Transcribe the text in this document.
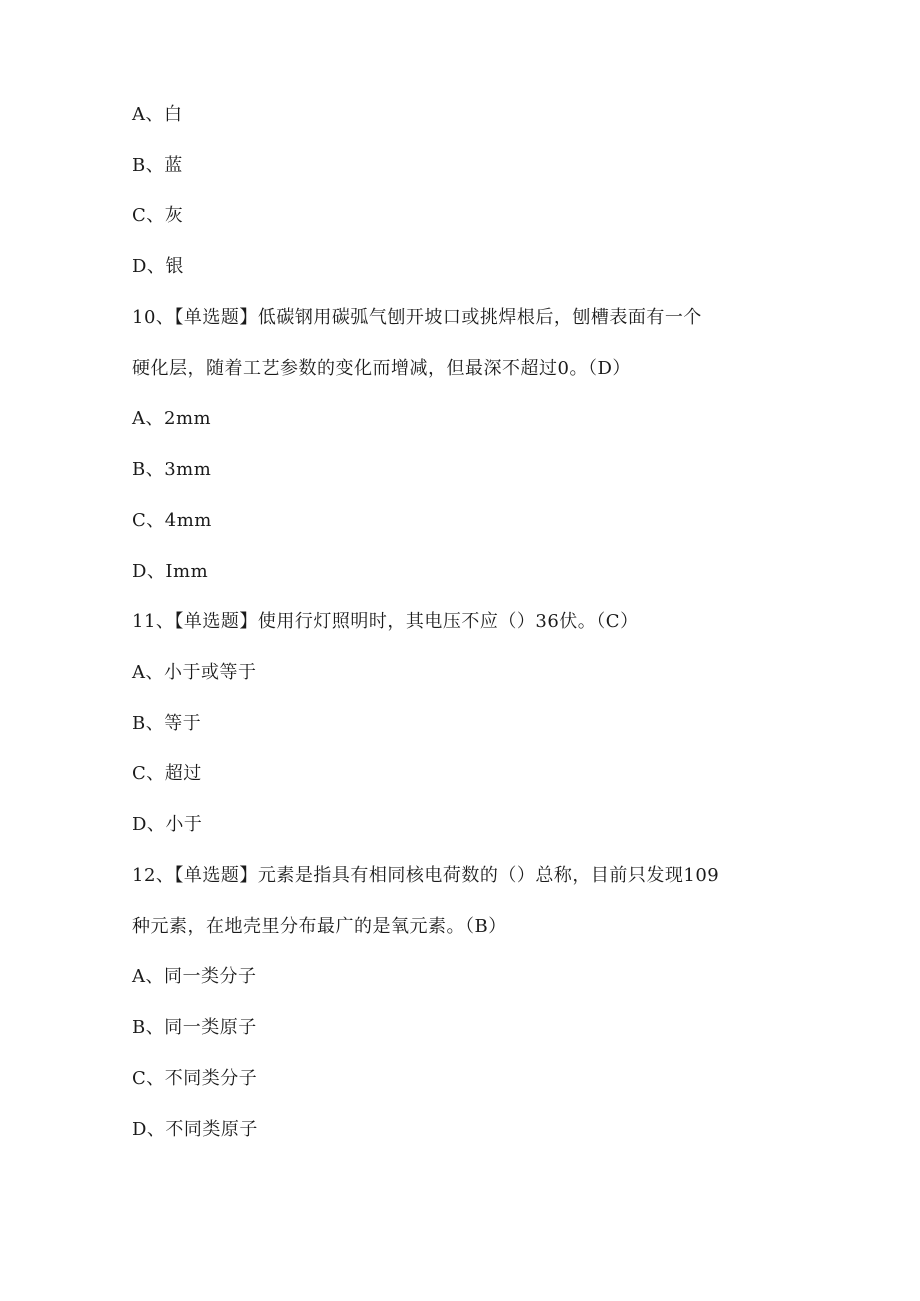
A、白
B、蓝
C、灰
D、银
10、【单选题】低碳钢用碳弧气刨开坡口或挑焊根后，刨槽表面有一个
硬化层，随着工艺参数的变化而增减，但最深不超过0。（D）
A、2mm
B、3mm
C、4mm
D、Imm
11、【单选题】使用行灯照明时，其电压不应（）36伏。（C）
A、小于或等于
B、等于
C、超过
D、小于
12、【单选题】元素是指具有相同核电荷数的（）总称，目前只发现109
种元素，在地壳里分布最广的是氧元素。（B）
A、同一类分子
B、同一类原子
C、不同类分子
D、不同类原子
